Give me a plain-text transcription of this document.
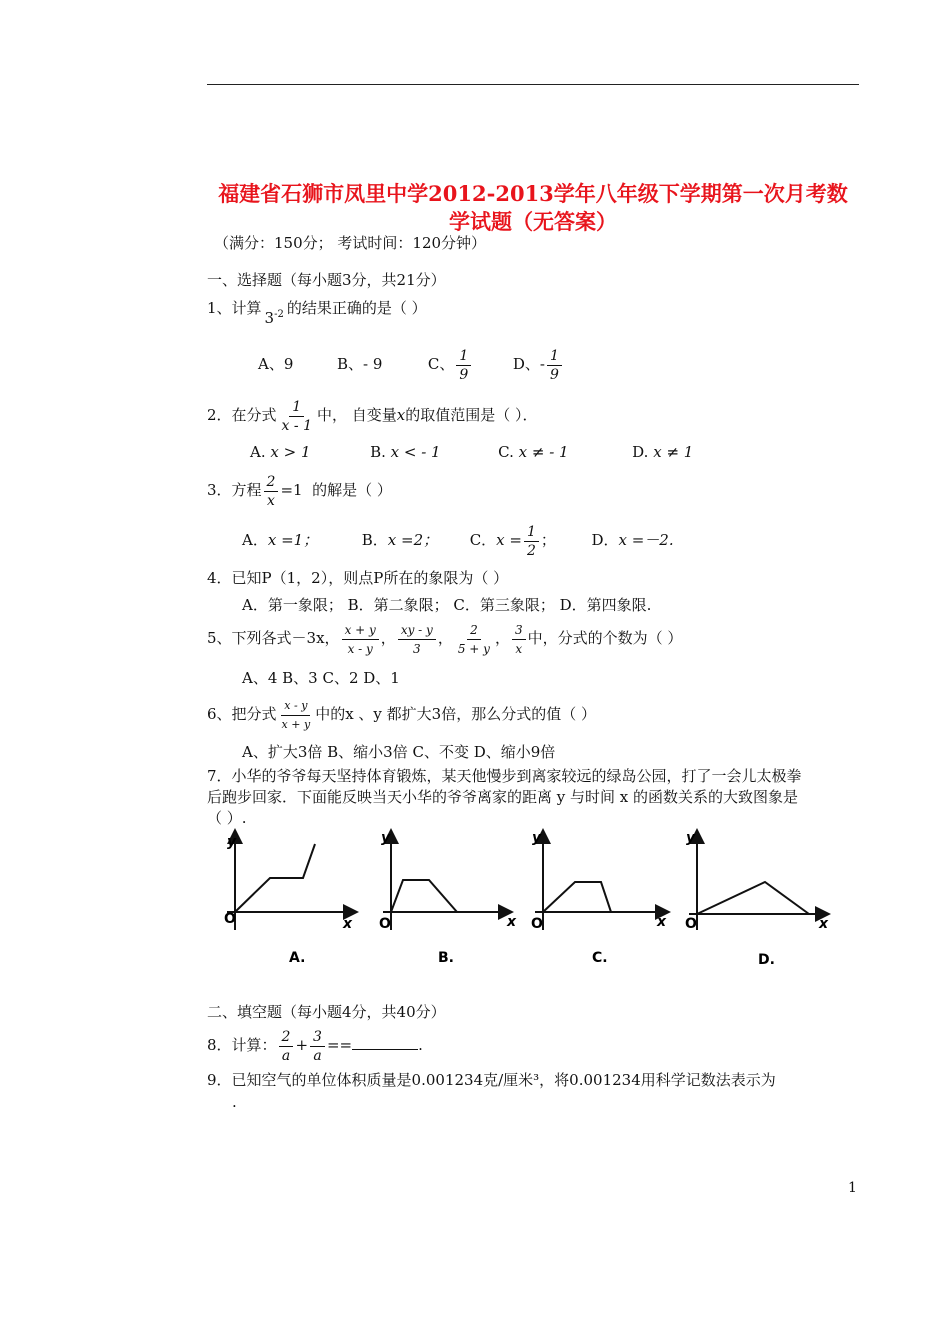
福建省石狮市凤里中学2012-2013学年八年级下学期第一次月考数
学试题（无答案）
（满分：150分； 考试时间：120分钟）
一、选择题（每小题3分，共21分）
1、计算$3^{-2}$ 的结果正确的是（ ）
A、9	B、- 9	C、 $\frac{1}{9}$	D、- $\frac{1}{9}$
2．在分式 $\frac{1}{x - 1}$ 中， 自变量x的取值范围是（ ）．
A. x > 1	B. x < - 1	C. x ≠ - 1	D. x ≠ 1
3．方程 $\frac{2}{x} =1$ 的解是（ ）
A．x =1；	B．x =2； C．$x = \frac{1}{2}$ ； D．x =－2.
4．已知P（1，2），则点P所在的象限为（ ）
A．第一象限； B．第二象限； C．第三象限； D．第四象限.
5、下列各式－3x， $\frac{x + y}{x - y}$ ， $\frac{xy - y}{3}$ ， $\frac{2}{5 + y}$ ， $\frac{3}{x}$ 中，分式的个数为（ ）
A、4 B、3 C、2 D、1
6、把分式 $\frac{x - y}{x + y}$ 中的x 、y 都扩大3倍，那么分式的值（ ）
A、扩大3倍 B、缩小3倍 C、不变 D、缩小9倍
7．小华的爷爷每天坚持体育锻炼，某天他慢步到离家较远的绿岛公园，打了一会儿太极拳
后跑步回家．下面能反映当天小华的爷爷离家的距离 y 与时间 x 的函数关系的大致图象是
（ ）.
y
x
O
A.
y
x
O
B.
y
x
O
C.
y
x
O
D.
二、填空题（每小题4分，共40分）
8．计算： $\frac{2}{a} + \frac{3}{a}$ ==	.
9．已知空气的单位体积质量是0.001234克/厘米³，将0.001234用科学记数法表示为
.
1
